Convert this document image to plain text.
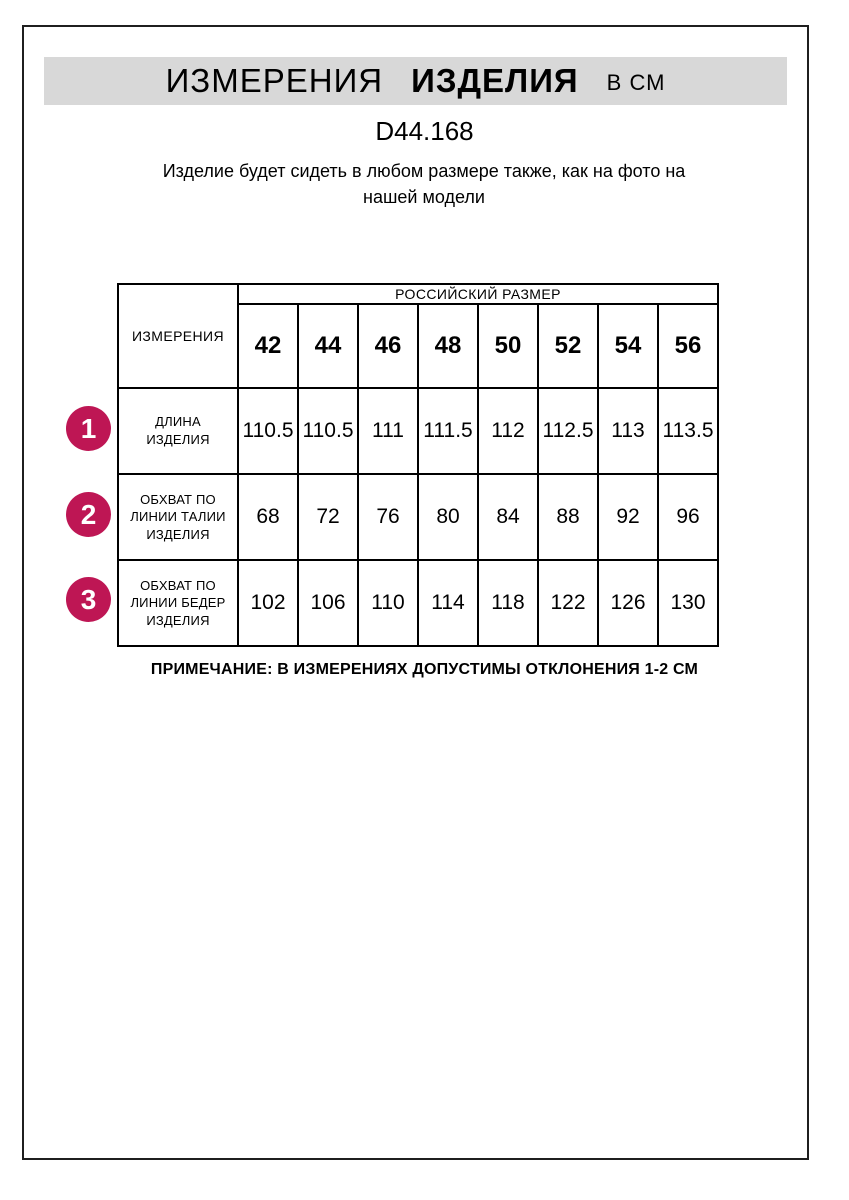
ИЗМЕРЕНИЯ ИЗДЕЛИЯ В СМ
D44.168
Изделие будет сидеть в любом размере также, как на фото на нашей модели
ИЗМЕРЕНИЯ	РОССИЙСКИЙ РАЗМЕР							
	42	44	46	48	50	52	54	56
ДЛИНА ИЗДЕЛИЯ	110.5	110.5	111	111.5	112	112.5	113	113.5
ОБХВАТ ПО ЛИНИИ ТАЛИИ ИЗДЕЛИЯ	68	72	76	80	84	88	92	96
ОБХВАТ ПО ЛИНИИ БЕДЕР ИЗДЕЛИЯ	102	106	110	114	118	122	126	130
1
2
3
ПРИМЕЧАНИЕ: В ИЗМЕРЕНИЯХ ДОПУСТИМЫ ОТКЛОНЕНИЯ 1-2 СМ
